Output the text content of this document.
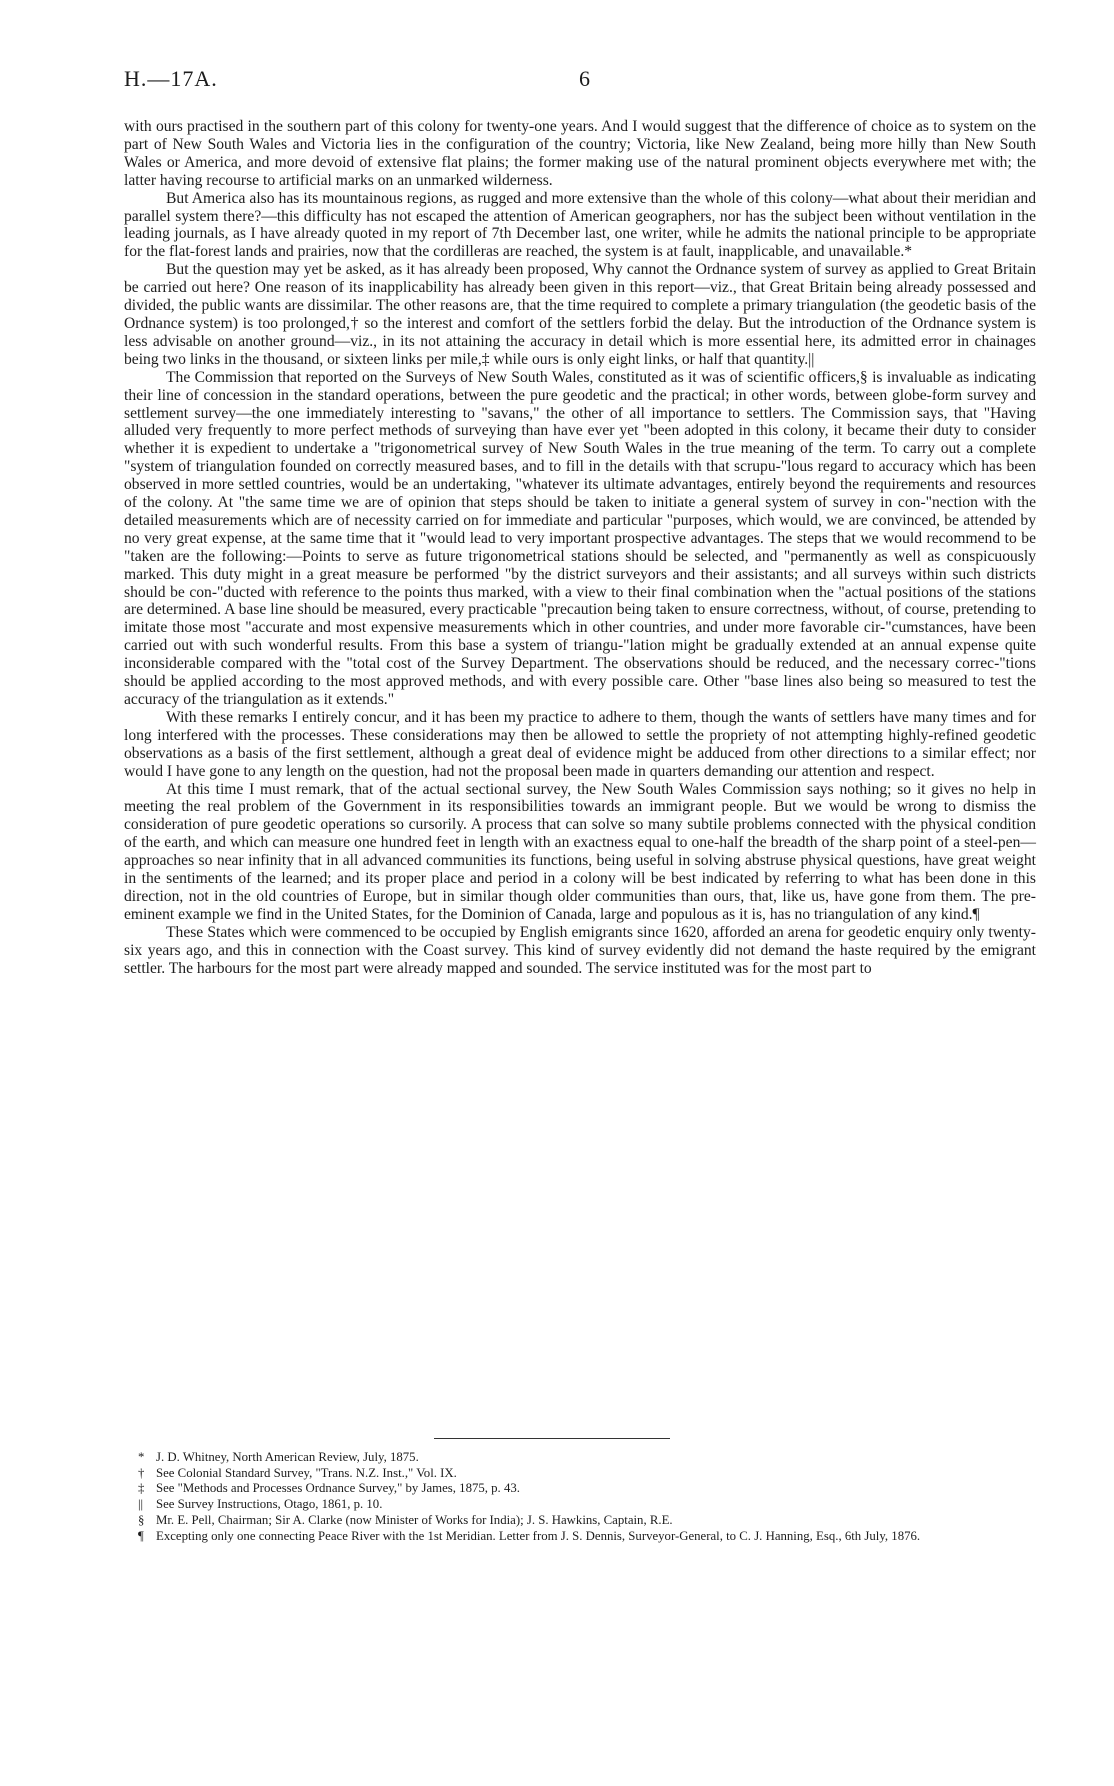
H.—17A.	6

with ours practised in the southern part of this colony for twenty-one years. And I would suggest that the difference of choice as to system on the part of New South Wales and Victoria lies in the configuration of the country; Victoria, like New Zealand, being more hilly than New South Wales or America, and more devoid of extensive flat plains; the former making use of the natural prominent objects everywhere met with; the latter having recourse to artificial marks on an unmarked wilderness.

But America also has its mountainous regions, as rugged and more extensive than the whole of this colony—what about their meridian and parallel system there?—this difficulty has not escaped the attention of American geographers, nor has the subject been without ventilation in the leading journals, as I have already quoted in my report of 7th December last, one writer, while he admits the national principle to be appropriate for the flat-forest lands and prairies, now that the cordilleras are reached, the system is at fault, inapplicable, and unavailable.*

But the question may yet be asked, as it has already been proposed, Why cannot the Ordnance system of survey as applied to Great Britain be carried out here? One reason of its inapplicability has already been given in this report—viz., that Great Britain being already possessed and divided, the public wants are dissimilar. The other reasons are, that the time required to complete a primary triangulation (the geodetic basis of the Ordnance system) is too prolonged,† so the interest and comfort of the settlers forbid the delay. But the introduction of the Ordnance system is less advisable on another ground—viz., in its not attaining the accuracy in detail which is more essential here, its admitted error in chainages being two links in the thousand, or sixteen links per mile,‡ while ours is only eight links, or half that quantity.||

The Commission that reported on the Surveys of New South Wales, constituted as it was of scientific officers,§ is invaluable as indicating their line of concession in the standard operations, between the pure geodetic and the practical; in other words, between globe-form survey and settlement survey—the one immediately interesting to "savans," the other of all importance to settlers. The Commission says, that "Having alluded very frequently to more perfect methods of surveying than have ever yet "been adopted in this colony, it became their duty to consider whether it is expedient to undertake a "trigonometrical survey of New South Wales in the true meaning of the term. To carry out a complete "system of triangulation founded on correctly measured bases, and to fill in the details with that scrupu-"lous regard to accuracy which has been observed in more settled countries, would be an undertaking, "whatever its ultimate advantages, entirely beyond the requirements and resources of the colony. At "the same time we are of opinion that steps should be taken to initiate a general system of survey in con-"nection with the detailed measurements which are of necessity carried on for immediate and particular "purposes, which would, we are convinced, be attended by no very great expense, at the same time that it "would lead to very important prospective advantages. The steps that we would recommend to be "taken are the following:—Points to serve as future trigonometrical stations should be selected, and "permanently as well as conspicuously marked. This duty might in a great measure be performed "by the district surveyors and their assistants; and all surveys within such districts should be con-"ducted with reference to the points thus marked, with a view to their final combination when the "actual positions of the stations are determined. A base line should be measured, every practicable "precaution being taken to ensure correctness, without, of course, pretending to imitate those most "accurate and most expensive measurements which in other countries, and under more favorable cir-"cumstances, have been carried out with such wonderful results. From this base a system of triangu-"lation might be gradually extended at an annual expense quite inconsiderable compared with the "total cost of the Survey Department. The observations should be reduced, and the necessary correc-"tions should be applied according to the most approved methods, and with every possible care. Other "base lines also being so measured to test the accuracy of the triangulation as it extends."

With these remarks I entirely concur, and it has been my practice to adhere to them, though the wants of settlers have many times and for long interfered with the processes. These considerations may then be allowed to settle the propriety of not attempting highly-refined geodetic observations as a basis of the first settlement, although a great deal of evidence might be adduced from other directions to a similar effect; nor would I have gone to any length on the question, had not the proposal been made in quarters demanding our attention and respect.

At this time I must remark, that of the actual sectional survey, the New South Wales Commission says nothing; so it gives no help in meeting the real problem of the Government in its responsibilities towards an immigrant people. But we would be wrong to dismiss the consideration of pure geodetic operations so cursorily. A process that can solve so many subtile problems connected with the physical condition of the earth, and which can measure one hundred feet in length with an exactness equal to one-half the breadth of the sharp point of a steel-pen—approaches so near infinity that in all advanced communities its functions, being useful in solving abstruse physical questions, have great weight in the sentiments of the learned; and its proper place and period in a colony will be best indicated by referring to what has been done in this direction, not in the old countries of Europe, but in similar though older communities than ours, that, like us, have gone from them. The pre-eminent example we find in the United States, for the Dominion of Canada, large and populous as it is, has no triangulation of any kind.¶

These States which were commenced to be occupied by English emigrants since 1620, afforded an arena for geodetic enquiry only twenty-six years ago, and this in connection with the Coast survey. This kind of survey evidently did not demand the haste required by the emigrant settler. The harbours for the most part were already mapped and sounded. The service instituted was for the most part to

* J. D. Whitney, North American Review, July, 1875.
† See Colonial Standard Survey, "Trans. N.Z. Inst.," Vol. IX.
‡ See "Methods and Processes Ordnance Survey," by James, 1875, p. 43.
|| See Survey Instructions, Otago, 1861, p. 10.
§ Mr. E. Pell, Chairman; Sir A. Clarke (now Minister of Works for India); J. S. Hawkins, Captain, R.E.
¶ Excepting only one connecting Peace River with the 1st Meridian. Letter from J. S. Dennis, Surveyor-General, to C. J. Hanning, Esq., 6th July, 1876.
